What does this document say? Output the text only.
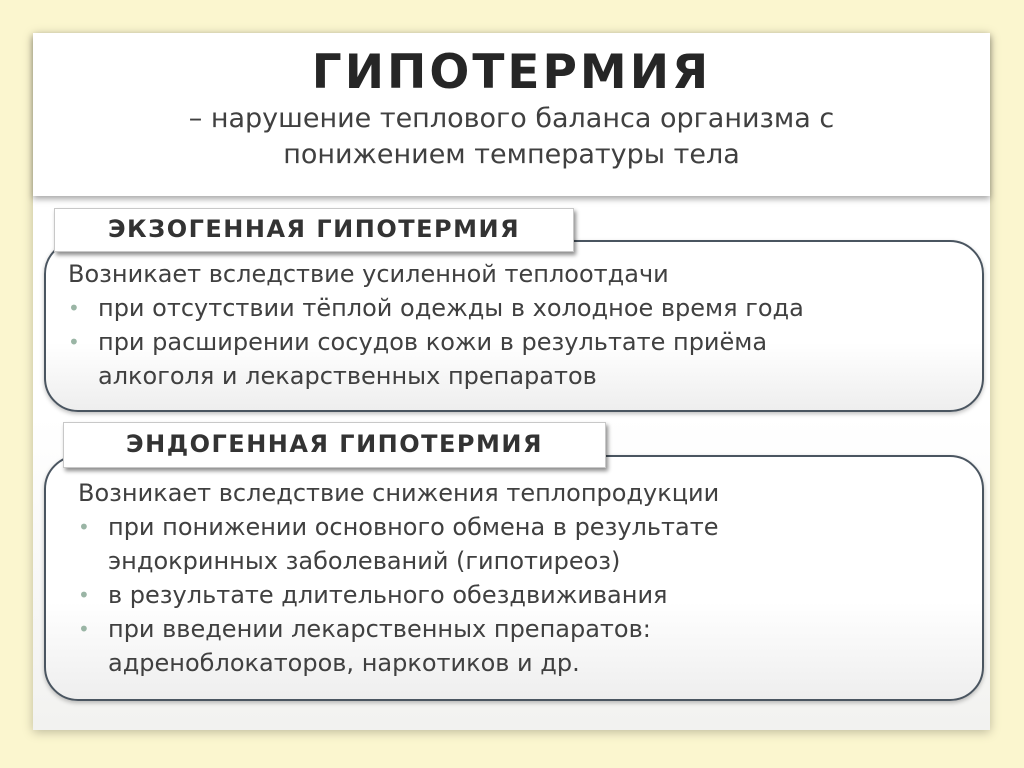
ГИПОТЕРМИЯ

– нарушение теплового баланса организма с
понижением температуры тела

ЭКЗОГЕННАЯ ГИПОТЕРМИЯ

Возникает вследствие усиленной теплоотдачи

• при отсутствии тёплой одежды в холодное время года
• при расширении сосудов кожи в результате приёма
алкоголя и лекарственных препаратов
ЭНДОГЕННАЯ ГИПОТЕРМИЯ

Возникает вследствие снижения теплопродукции

• при понижении основного обмена в результате
эндокринных заболеваний (гипотиреоз)
• в результате длительного обездвиживания
• при введении лекарственных препаратов:
адреноблокаторов, наркотиков и др.
